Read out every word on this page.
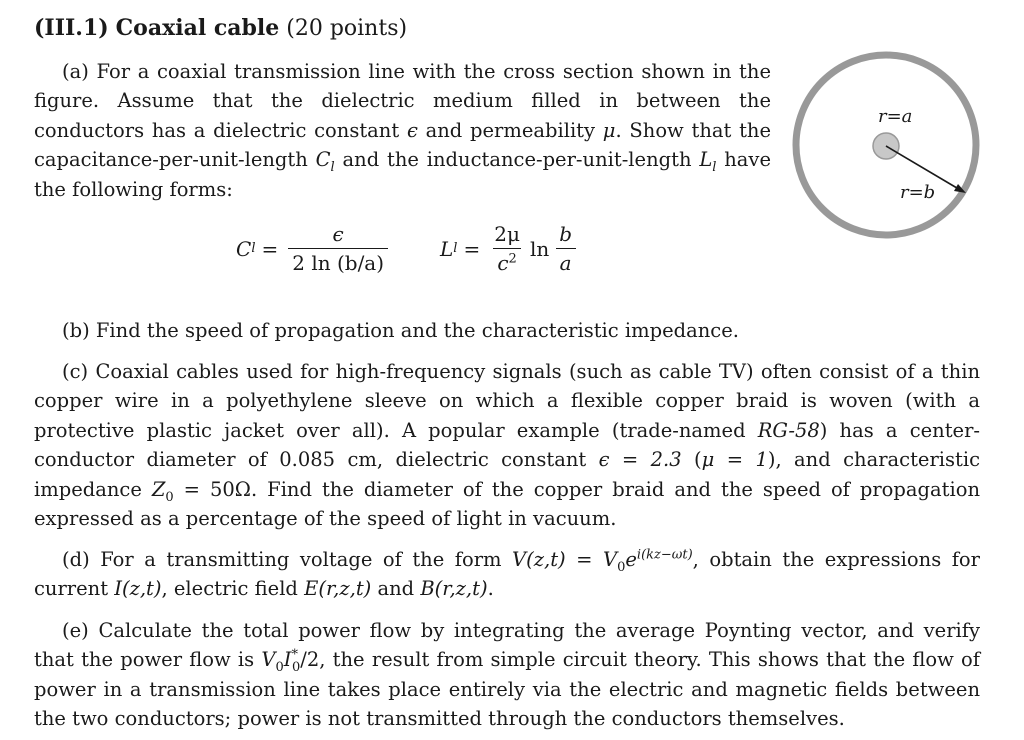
(III.1) Coaxial cable (20 points)

(a) For a coaxial transmission line with the cross section shown in the figure. Assume that the dielectric medium filled in between the conductors has a dielectric constant ϵ and permeability μ. Show that the capacitance-per-unit-length $C_l$ and the inductance-per-unit-length $L_l$ have the following forms:

C $l = \frac{\epsilon}{2 \ln (b/a)}$	L $l = \frac{2\mu}{c^2}$ $\ln \frac{b}{a}$
r=a
r=b

(b) Find the speed of propagation and the characteristic impedance.

(c) Coaxial cables used for high-frequency signals (such as cable TV) often consist of a thin copper wire in a polyethylene sleeve on which a flexible copper braid is woven (with a protective plastic jacket over all). A popular example (trade-named RG-58) has a center-conductor diameter of 0.085 cm, dielectric constant ϵ = 2.3 (μ = 1), and characteristic impedance $Z_0 = 50\Omega$. Find the diameter of the copper braid and the speed of propagation expressed as a percentage of the speed of light in vacuum.

(d) For a transmitting voltage of the form $V(z,t) = V_0e^{i(kz-\omega t)}$, obtain the expressions for current I(z,t), electric field E(r,z,t) and B(r,z,t).

(e) Calculate the total power flow by integrating the average Poynting vector, and verify that the power flow is $V_0I^*_0/2$, the result from simple circuit theory. This shows that the flow of power in a transmission line takes place entirely via the electric and magnetic fields between the two conductors; power is not transmitted through the conductors themselves.
